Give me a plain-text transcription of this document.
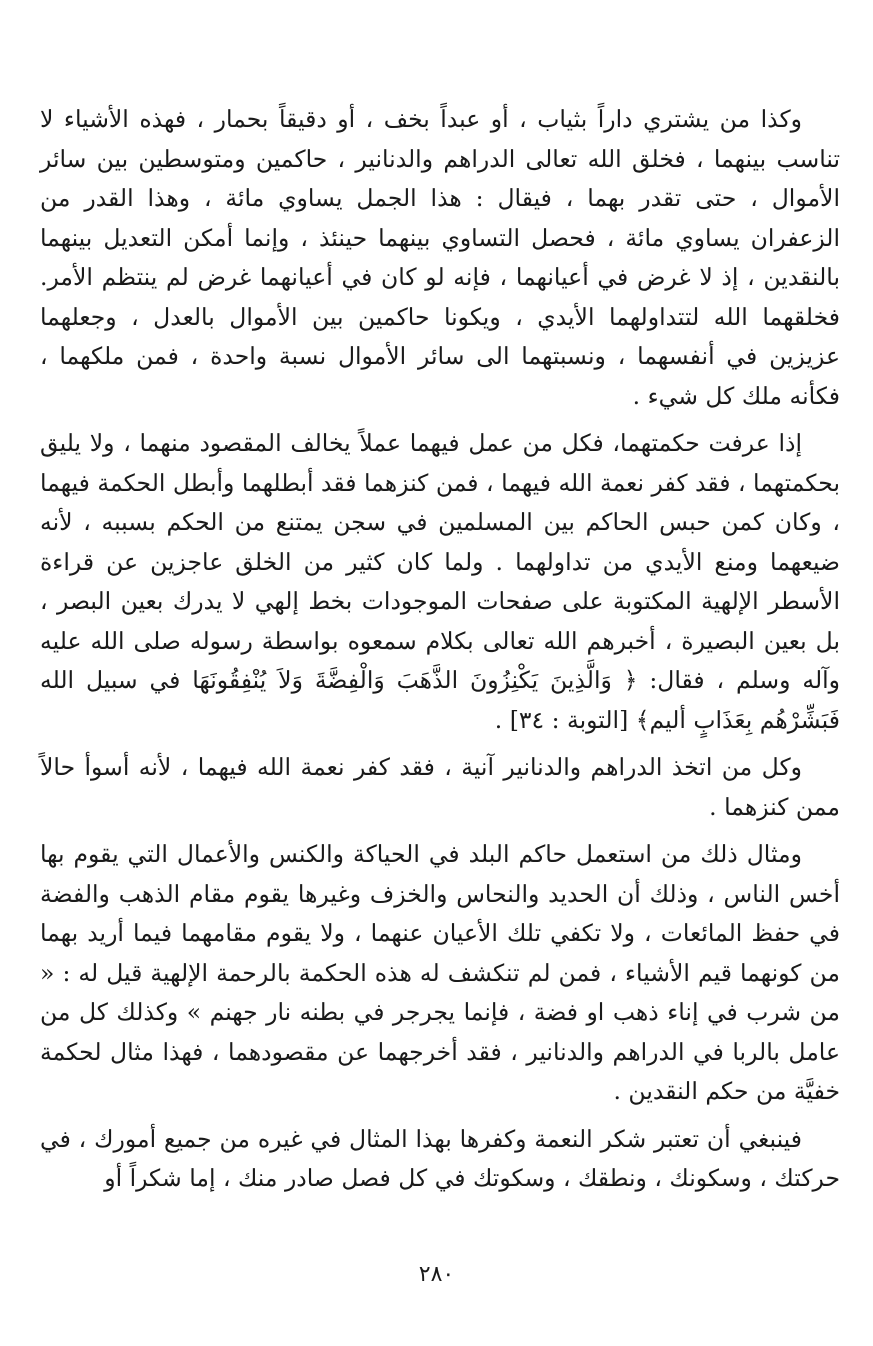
وكذا من يشتري داراً بثياب ، أو عبداً بخف ، أو دقيقاً بحمار ، فهذه الأشياء لا تناسب بينهما ، فخلق الله تعالى الدراهم والدنانير ، حاكمين ومتوسطين بين سائر الأموال ، حتى تقدر بهما ، فيقال : هذا الجمل يساوي مائة ، وهذا القدر من الزعفران يساوي مائة ، فحصل التساوي بينهما حينئذ ، وإنما أمكن التعديل بينهما بالنقدين ، إذ لا غرض في أعيانهما ، فإنه لو كان في أعيانهما غرض لم ينتظم الأمر. فخلقهما الله لتتداولهما الأيدي ، ويكونا حاكمين بين الأموال بالعدل ، وجعلهما عزيزين في أنفسهما ، ونسبتهما الى سائر الأموال نسبة واحدة ، فمن ملكهما ، فكأنه ملك كل شيء .

إذا عرفت حكمتهما، فكل من عمل فيهما عملاً يخالف المقصود منهما ، ولا يليق بحكمتهما ، فقد كفر نعمة الله فيهما ، فمن كنزهما فقد أبطلهما وأبطل الحكمة فيهما ، وكان كمن حبس الحاكم بين المسلمين في سجن يمتنع من الحكم بسببه ، لأنه ضيعهما ومنع الأيدي من تداولهما . ولما كان كثير من الخلق عاجزين عن قراءة الأسطر الإلهية المكتوبة على صفحات الموجودات بخط إلهي لا يدرك بعين البصر ، بل بعين البصيرة ، أخبرهم الله تعالى بكلام سمعوه بواسطة رسوله صلى الله عليه وآله وسلم ، فقال: ﴿ وَالَّذِينَ يَكْنِزُونَ الذَّهَبَ وَالْفِضَّةَ وَلاَ يُنْفِقُونَهَا في سبيل الله فَبَشِّرْهُم بِعَذَابٍ أليم﴾ [التوبة : ٣٤] .

وكل من اتخذ الدراهم والدنانير آنية ، فقد كفر نعمة الله فيهما ، لأنه أسوأ حالاً ممن كنزهما .

ومثال ذلك من استعمل حاكم البلد في الحياكة والكنس والأعمال التي يقوم بها أخس الناس ، وذلك أن الحديد والنحاس والخزف وغيرها يقوم مقام الذهب والفضة في حفظ المائعات ، ولا تكفي تلك الأعيان عنهما ، ولا يقوم مقامهما فيما أريد بهما من كونهما قيم الأشياء ، فمن لم تنكشف له هذه الحكمة بالرحمة الإلهية قيل له : « من شرب في إناء ذهب او فضة ، فإنما يجرجر في بطنه نار جهنم » وكذلك كل من عامل بالربا في الدراهم والدنانير ، فقد أخرجهما عن مقصودهما ، فهذا مثال لحكمة خفيَّة من حكم النقدين .

فينبغي أن تعتبر شكر النعمة وكفرها بهذا المثال في غيره من جميع أمورك ، في حركتك ، وسكونك ، ونطقك ، وسكوتك في كل فصل صادر منك ، إما شكراً أو

٢٨٠
